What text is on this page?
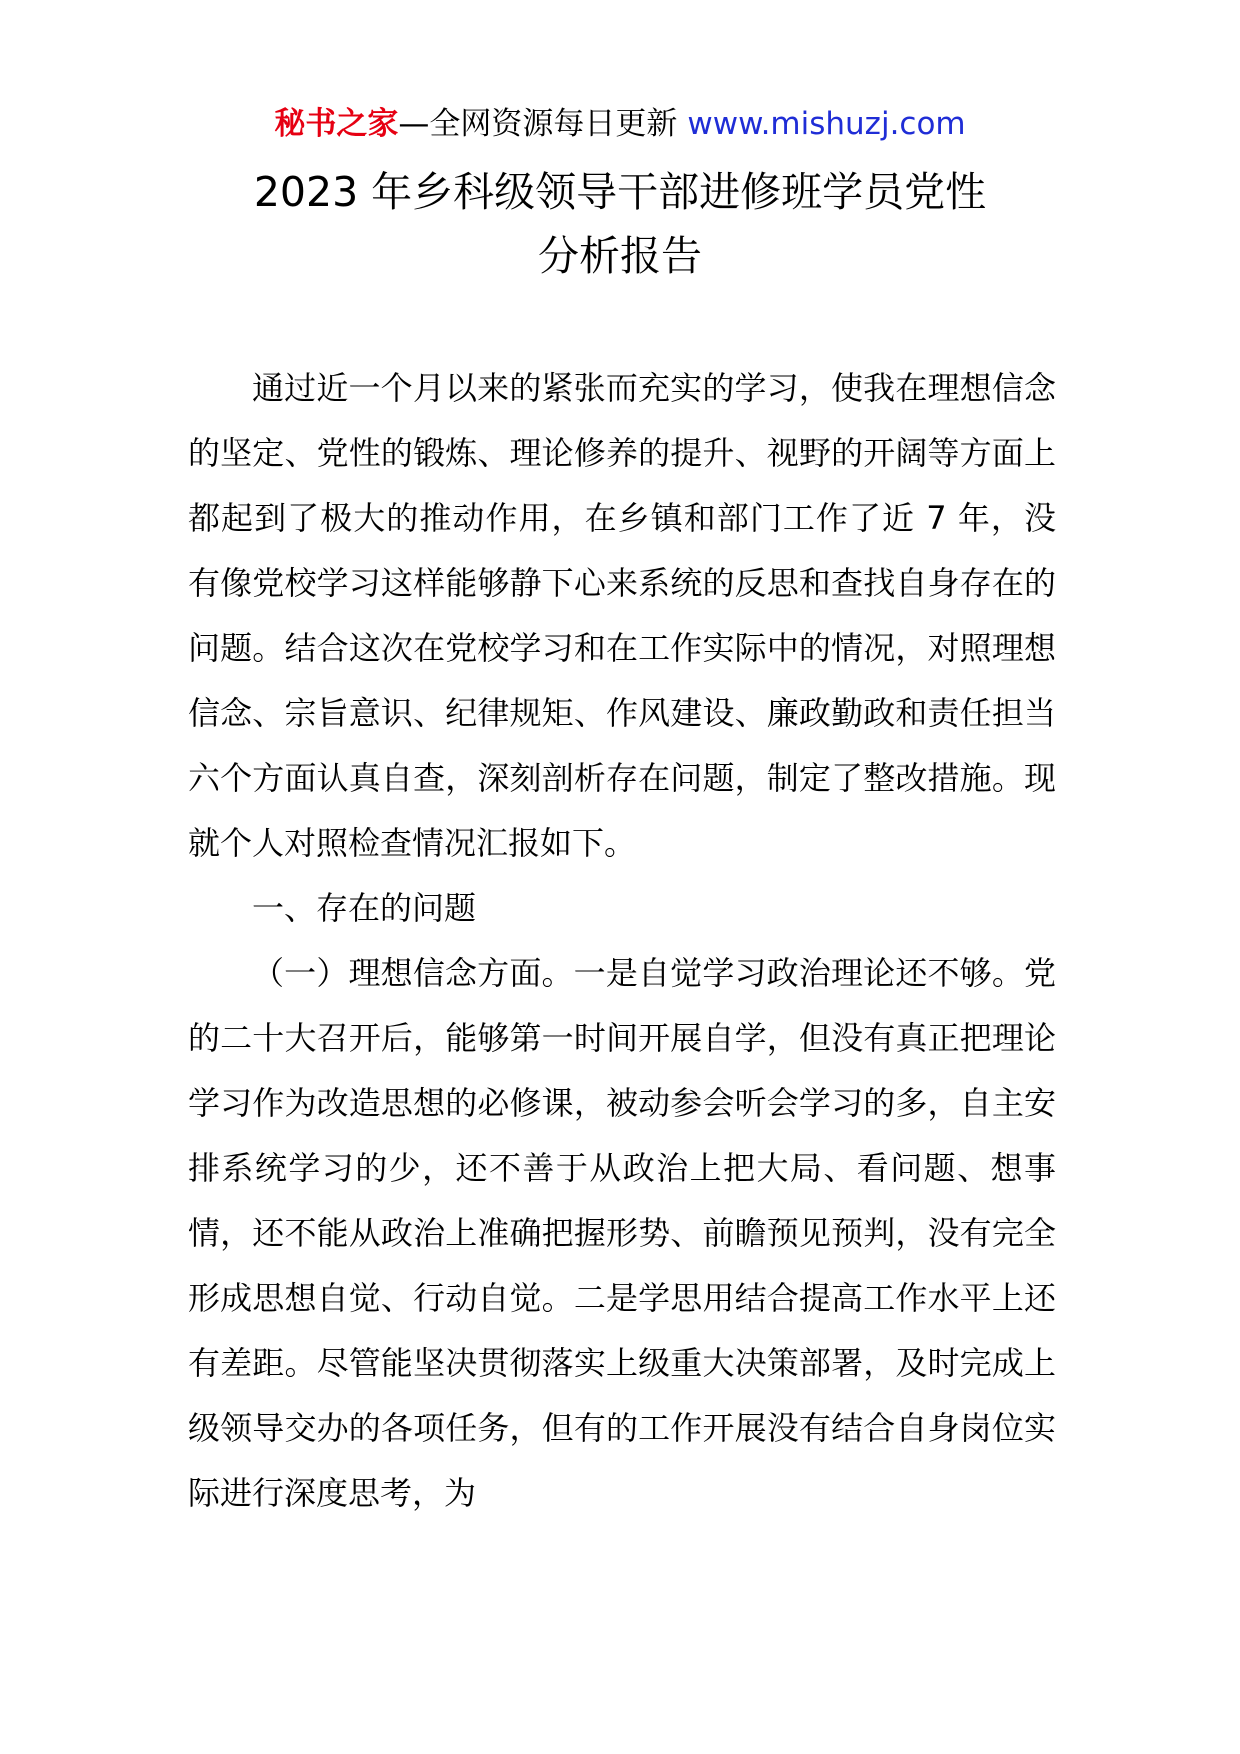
秘书之家—全网资源每日更新 www.mishuzj.com
2023 年乡科级领导干部进修班学员党性
分析报告

通过近一个月以来的紧张而充实的学习，使我在理想信念的坚定、党性的锻炼、理论修养的提升、视野的开阔等方面上都起到了极大的推动作用，在乡镇和部门工作了近 7 年，没有像党校学习这样能够静下心来系统的反思和查找自身存在的问题。结合这次在党校学习和在工作实际中的情况，对照理想信念、宗旨意识、纪律规矩、作风建设、廉政勤政和责任担当六个方面认真自查，深刻剖析存在问题，制定了整改措施。现就个人对照检查情况汇报如下。

一、存在的问题

（一）理想信念方面。一是自觉学习政治理论还不够。党的二十大召开后，能够第一时间开展自学，但没有真正把理论学习作为改造思想的必修课，被动参会听会学习的多，自主安排系统学习的少，还不善于从政治上把大局、看问题、想事情，还不能从政治上准确把握形势、前瞻预见预判，没有完全形成思想自觉、行动自觉。二是学思用结合提高工作水平上还有差距。尽管能坚决贯彻落实上级重大决策部署，及时完成上级领导交办的各项任务，但有的工作开展没有结合自身岗位实际进行深度思考，为
